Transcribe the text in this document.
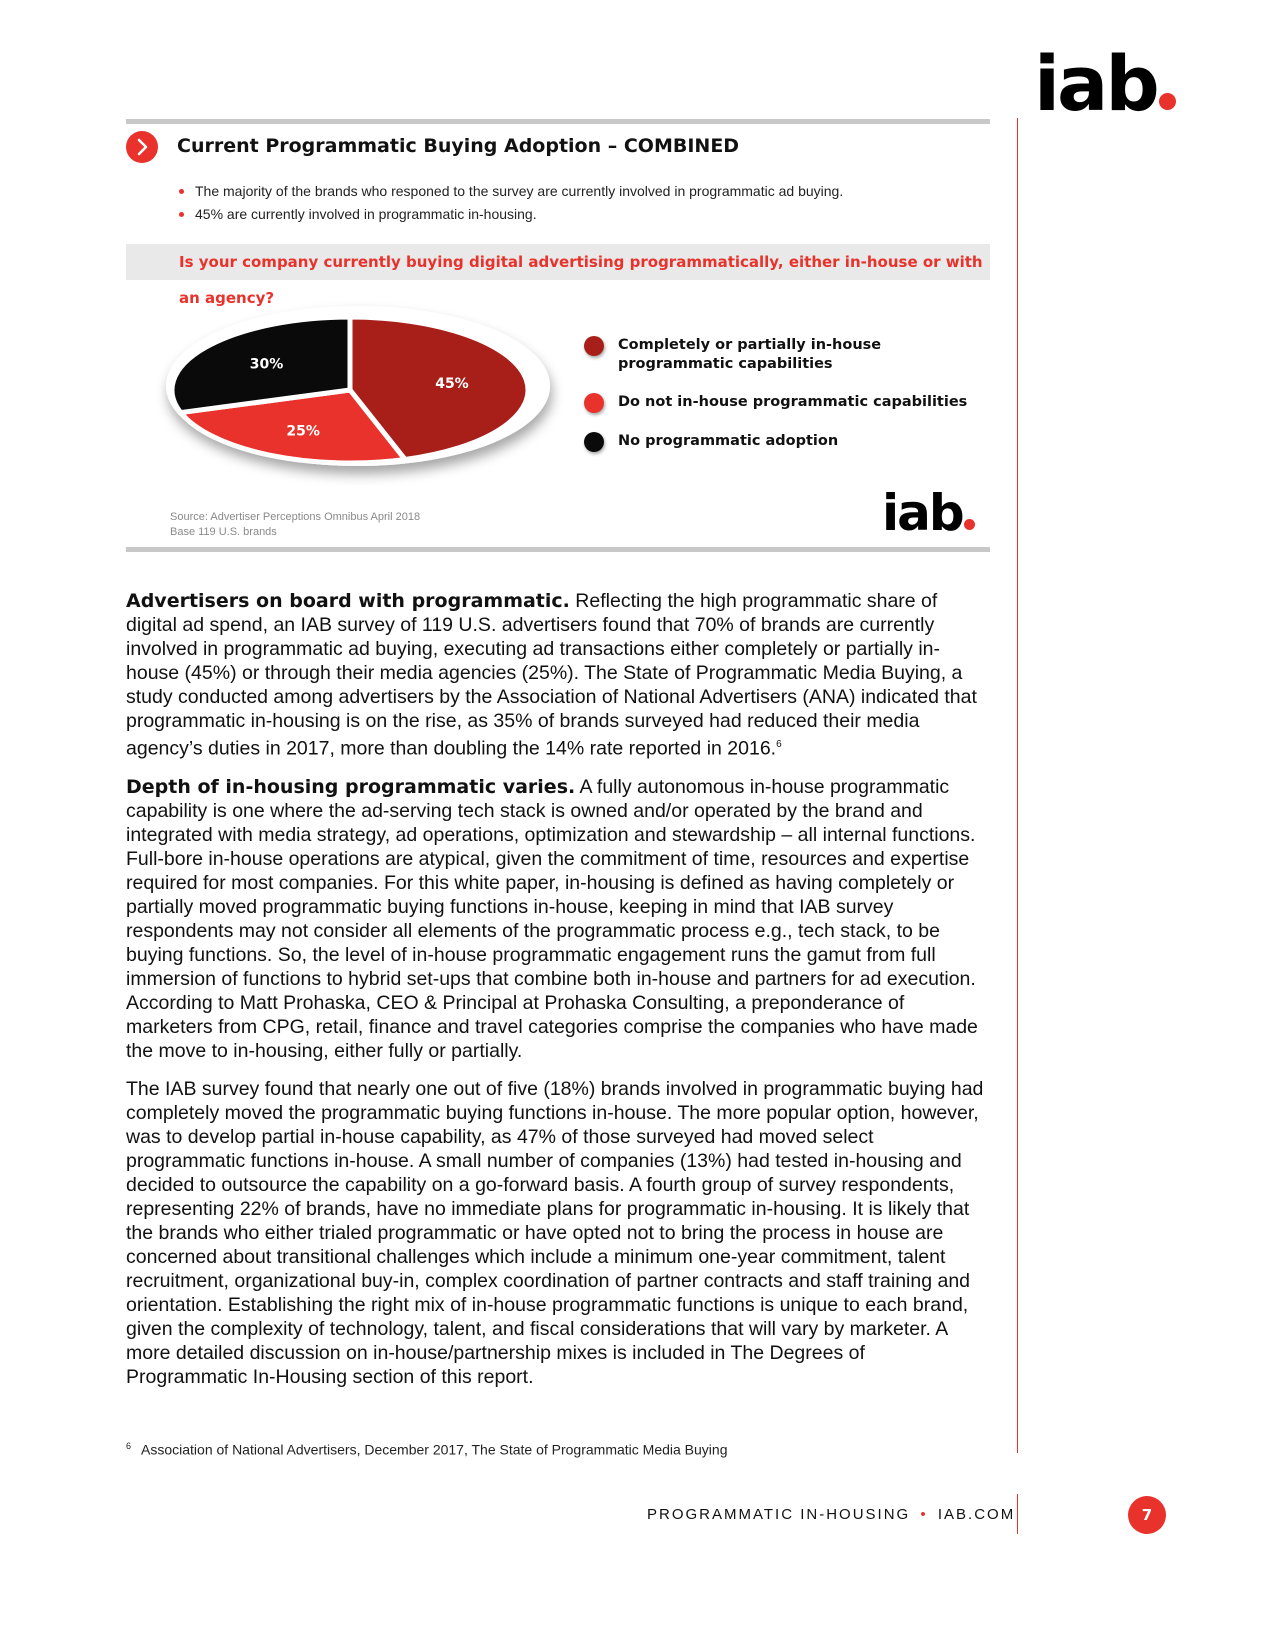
iab
Current Programmatic Buying Adoption – COMBINED
The majority of the brands who responed to the survey are currently involved in programmatic ad buying.
45% are currently involved in programmatic in-housing.
Is your company currently buying digital advertising programmatically, either in-house or with an agency?
45%
25%
30%
Completely or partially in-house programmatic capabilities
Do not in-house programmatic capabilities
No programmatic adoption
Source: Advertiser Perceptions Omnibus April 2018
Base 119 U.S. brands	iab

Advertisers on board with programmatic. Reflecting the high programmatic share of digital ad spend, an IAB survey of 119 U.S. advertisers found that 70% of brands are currently involved in programmatic ad buying, executing ad transactions either completely or partially in-house (45%) or through their media agencies (25%). The State of Programmatic Media Buying, a study conducted among advertisers by the Association of National Advertisers (ANA) indicated that programmatic in-housing is on the rise, as 35% of brands surveyed had reduced their media agency’s duties in 2017, more than doubling the 14% rate reported in 2016.$^6$

Depth of in-housing programmatic varies. A fully autonomous in-house programmatic capability is one where the ad-serving tech stack is owned and/or operated by the brand and integrated with media strategy, ad operations, optimization and stewardship – all internal functions. Full-bore in-house operations are atypical, given the commitment of time, resources and expertise required for most companies. For this white paper, in-housing is defined as having completely or partially moved programmatic buying functions in-house, keeping in mind that IAB survey respondents may not consider all elements of the programmatic process e.g., tech stack, to be buying functions. So, the level of in-house programmatic engagement runs the gamut from full immersion of functions to hybrid set-ups that combine both in-house and partners for ad execution. According to Matt Prohaska, CEO & Principal at Prohaska Consulting, a preponderance of marketers from CPG, retail, finance and travel categories comprise the companies who have made the move to in-housing, either fully or partially.

The IAB survey found that nearly one out of five (18%) brands involved in programmatic buying had completely moved the programmatic buying functions in-house. The more popular option, however, was to develop partial in-house capability, as 47% of those surveyed had moved select programmatic functions in-house. A small number of companies (13%) had tested in-housing and decided to outsource the capability on a go-forward basis. A fourth group of survey respondents, representing 22% of brands, have no immediate plans for programmatic in-housing. It is likely that the brands who either trialed programmatic or have opted not to bring the process in house are concerned about transitional challenges which include a minimum one-year commitment, talent recruitment, organizational buy-in, complex coordination of partner contracts and staff training and orientation. Establishing the right mix of in-house programmatic functions is unique to each brand, given the complexity of technology, talent, and fiscal considerations that will vary by marketer. A more detailed discussion on in-house/partnership mixes is included in The Degrees of Programmatic In-Housing section of this report.

$^6$ Association of National Advertisers, December 2017, The State of Programmatic Media Buying
PROGRAMMATIC IN-HOUSING • IAB.COM	7
